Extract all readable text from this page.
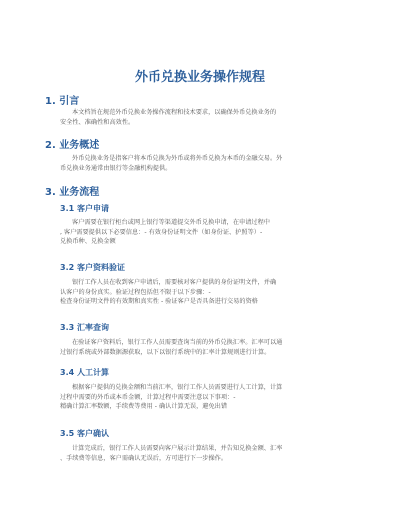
外币兑换业务操作规程
1. 引言
本文档旨在规范外币兑换业务操作流程和技术要求，以确保外币兑换业务的
安全性、准确性和高效性。
2. 业务概述
外币兑换业务是指客户将本币兑换为外币或将外币兑换为本币的金融交易。外
币兑换业务通常由银行等金融机构提供。
3. 业务流程
3.1 客户申请
客户需要在银行柜台或网上银行等渠道提交外币兑换申请，在申请过程中
, 客户需要提供以下必要信息：- 有效身份证明文件（如身份证、护照等）-
兑换币种、兑换金额
3.2 客户资料验证
银行工作人员在收到客户申请后，需要核对客户提供的身份证明文件，并确
认客户的身份真实。验证过程包括但不限于以下步骤：-
检查身份证明文件的有效期和真实性 - 验证客户是否具备进行交易的资格
3.3 汇率查询
在验证客户资料后，银行工作人员需要查询当前的外币兑换汇率。汇率可以通
过银行系统或外部数据源获取，以下以银行系统中的汇率计算规则进行计算。
3.4 人工计算
根据客户提供的兑换金额和当前汇率，银行工作人员需要进行人工计算，计算
过程中需要的外币或本币金额，计算过程中需要注意以下事项：-
精确计算汇率数额，手续费等费用 - 确认计算无误，避免出错
3.5 客户确认
计算完成后，银行工作人员需要向客户展示计算结果，并告知兑换金额、汇率
、手续费等信息，客户需确认无误后，方可进行下一步操作。
